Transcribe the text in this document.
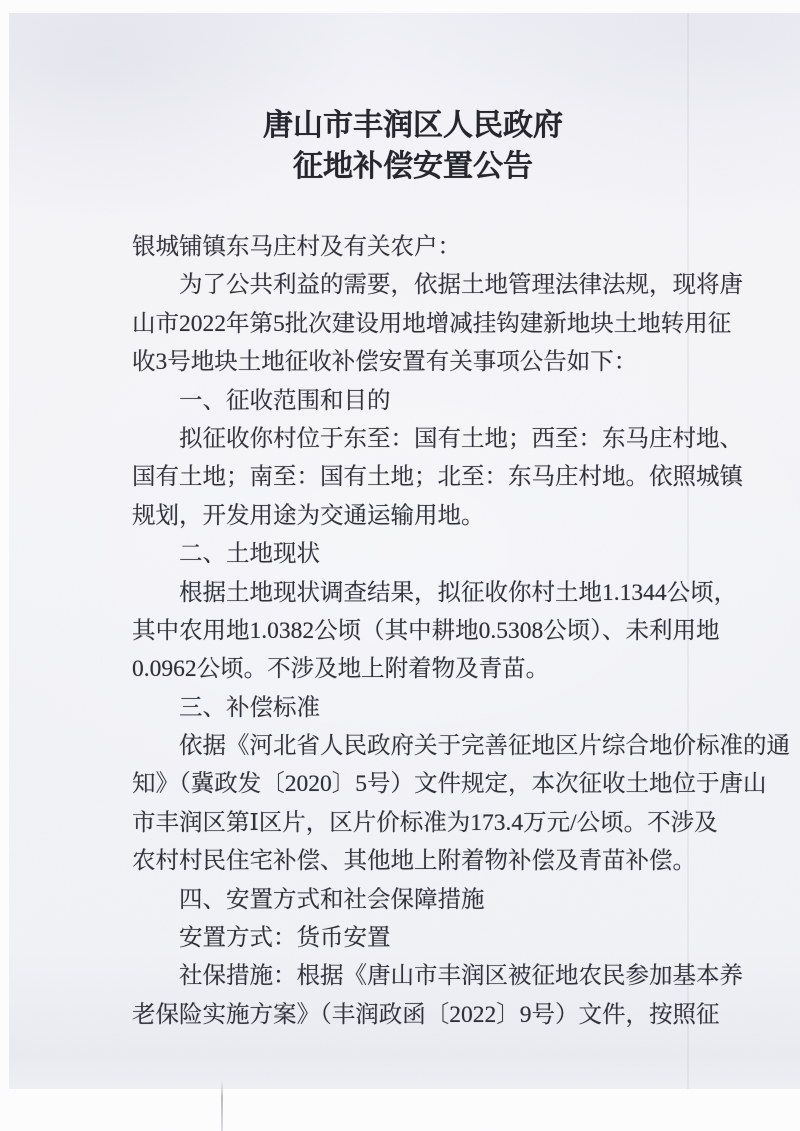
唐山市丰润区人民政府
征地补偿安置公告
银城铺镇东马庄村及有关农户：
为了公共利益的需要，依据土地管理法律法规，现将唐
山市2022年第5批次建设用地增减挂钩建新地块土地转用征
收3号地块土地征收补偿安置有关事项公告如下：
一、征收范围和目的
拟征收你村位于东至：国有土地；西至：东马庄村地、
国有土地；南至：国有土地；北至：东马庄村地。依照城镇
规划，开发用途为交通运输用地。
二、土地现状
根据土地现状调查结果，拟征收你村土地1.1344公顷，
其中农用地1.0382公顷（其中耕地0.5308公顷）、未利用地
0.0962公顷。不涉及地上附着物及青苗。
三、补偿标准
依据《河北省人民政府关于完善征地区片综合地价标准的通
知》（冀政发〔2020〕5号）文件规定，本次征收土地位于唐山
市丰润区第Ⅰ区片，区片价标准为173.4万元/公顷。不涉及
农村村民住宅补偿、其他地上附着物补偿及青苗补偿。
四、安置方式和社会保障措施
安置方式：货币安置
社保措施：根据《唐山市丰润区被征地农民参加基本养
老保险实施方案》（丰润政函〔2022〕9号）文件，按照征
